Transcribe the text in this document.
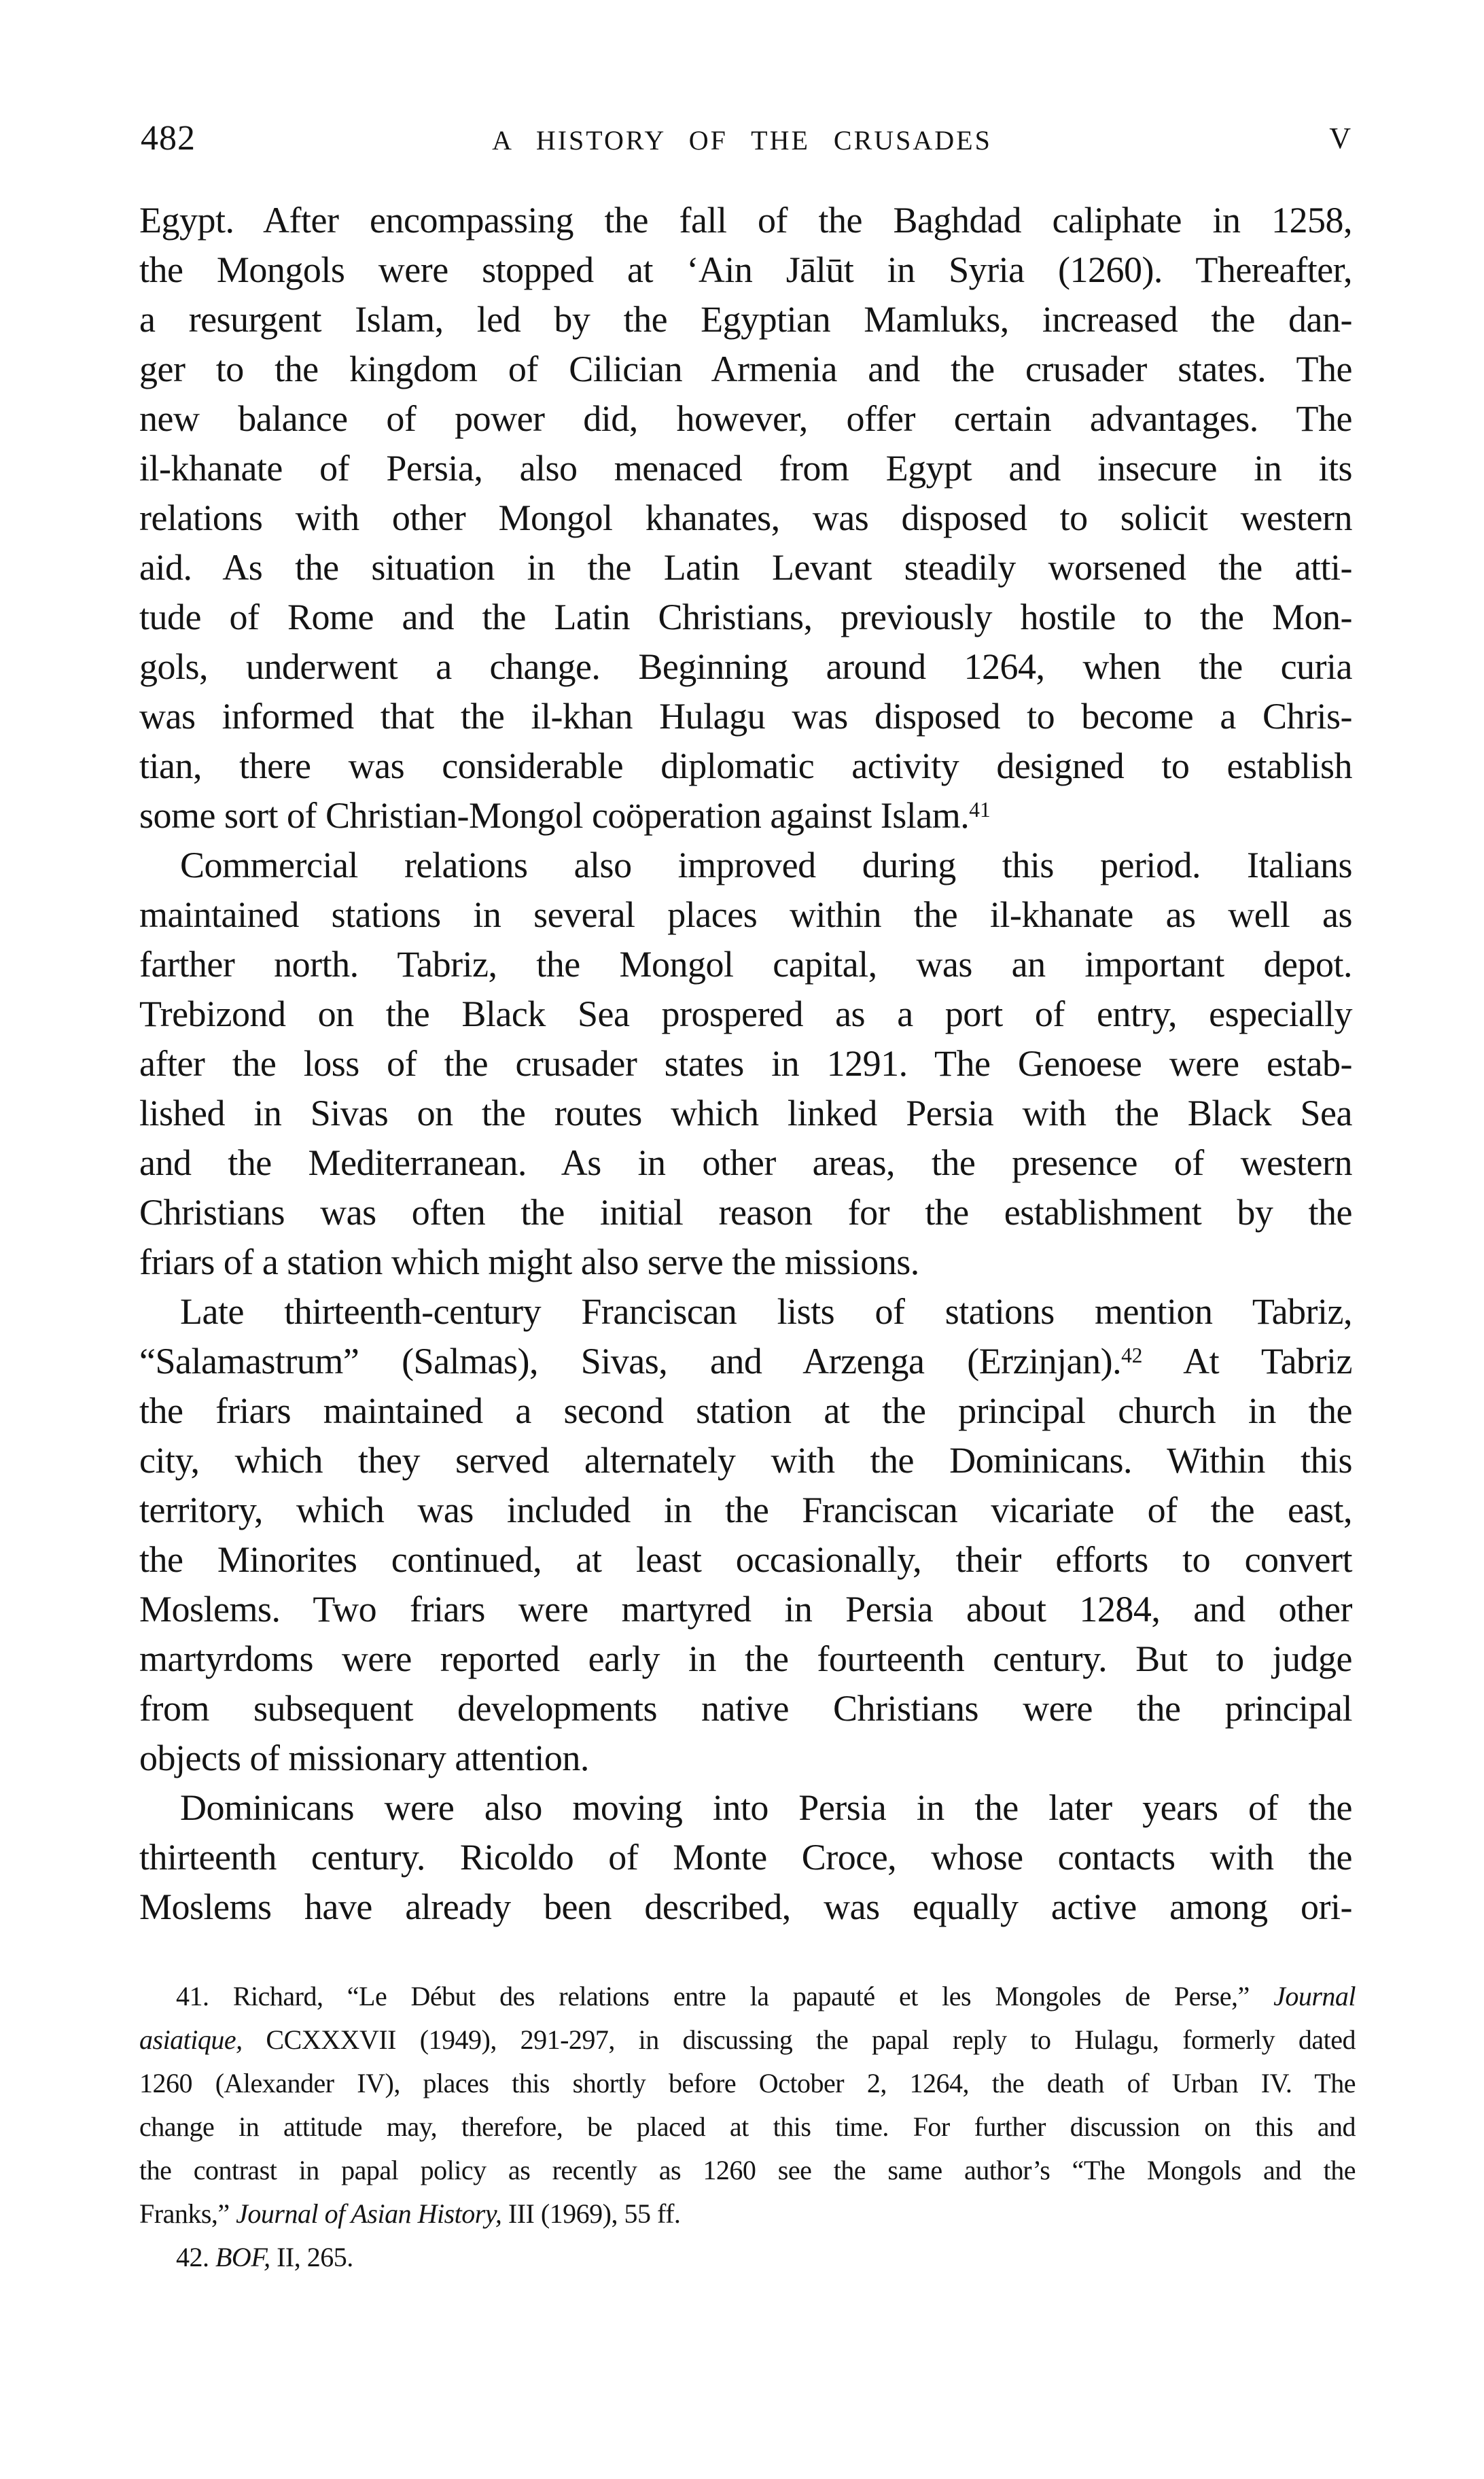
482	A HISTORY OF THE CRUSADES	V
Egypt. After encompassing the fall of the Baghdad caliphate in 1258,
the Mongols were stopped at ‘Ain Jālūt in Syria (1260). Thereafter,
a resurgent Islam, led by the Egyptian Mamluks, increased the dan-
ger to the kingdom of Cilician Armenia and the crusader states. The
new balance of power did, however, offer certain advantages. The
il-khanate of Persia, also menaced from Egypt and insecure in its
relations with other Mongol khanates, was disposed to solicit western
aid. As the situation in the Latin Levant steadily worsened the atti-
tude of Rome and the Latin Christians, previously hostile to the Mon-
gols, underwent a change. Beginning around 1264, when the curia
was informed that the il-khan Hulagu was disposed to become a Chris-
tian, there was considerable diplomatic activity designed to establish
some sort of Christian-Mongol coöperation against Islam.$^{41}$
Commercial relations also improved during this period. Italians
maintained stations in several places within the il-khanate as well as
farther north. Tabriz, the Mongol capital, was an important depot.
Trebizond on the Black Sea prospered as a port of entry, especially
after the loss of the crusader states in 1291. The Genoese were estab-
lished in Sivas on the routes which linked Persia with the Black Sea
and the Mediterranean. As in other areas, the presence of western
Christians was often the initial reason for the establishment by the
friars of a station which might also serve the missions.
Late thirteenth-century Franciscan lists of stations mention Tabriz,
“Salamastrum” (Salmas), Sivas, and Arzenga (Erzinjan).$^{42}$ At Tabriz
the friars maintained a second station at the principal church in the
city, which they served alternately with the Dominicans. Within this
territory, which was included in the Franciscan vicariate of the east,
the Minorites continued, at least occasionally, their efforts to convert
Moslems. Two friars were martyred in Persia about 1284, and other
martyrdoms were reported early in the fourteenth century. But to judge
from subsequent developments native Christians were the principal
objects of missionary attention.
Dominicans were also moving into Persia in the later years of the
thirteenth century. Ricoldo of Monte Croce, whose contacts with the
Moslems have already been described, was equally active among ori-
41. Richard, “Le Début des relations entre la papauté et les Mongoles de Perse,” Journal
asiatique, CCXXXVII (1949), 291-297, in discussing the papal reply to Hulagu, formerly dated
1260 (Alexander IV), places this shortly before October 2, 1264, the death of Urban IV. The
change in attitude may, therefore, be placed at this time. For further discussion on this and
the contrast in papal policy as recently as 1260 see the same author’s “The Mongols and the
Franks,” Journal of Asian History, III (1969), 55 ff.
42. BOF, II, 265.
